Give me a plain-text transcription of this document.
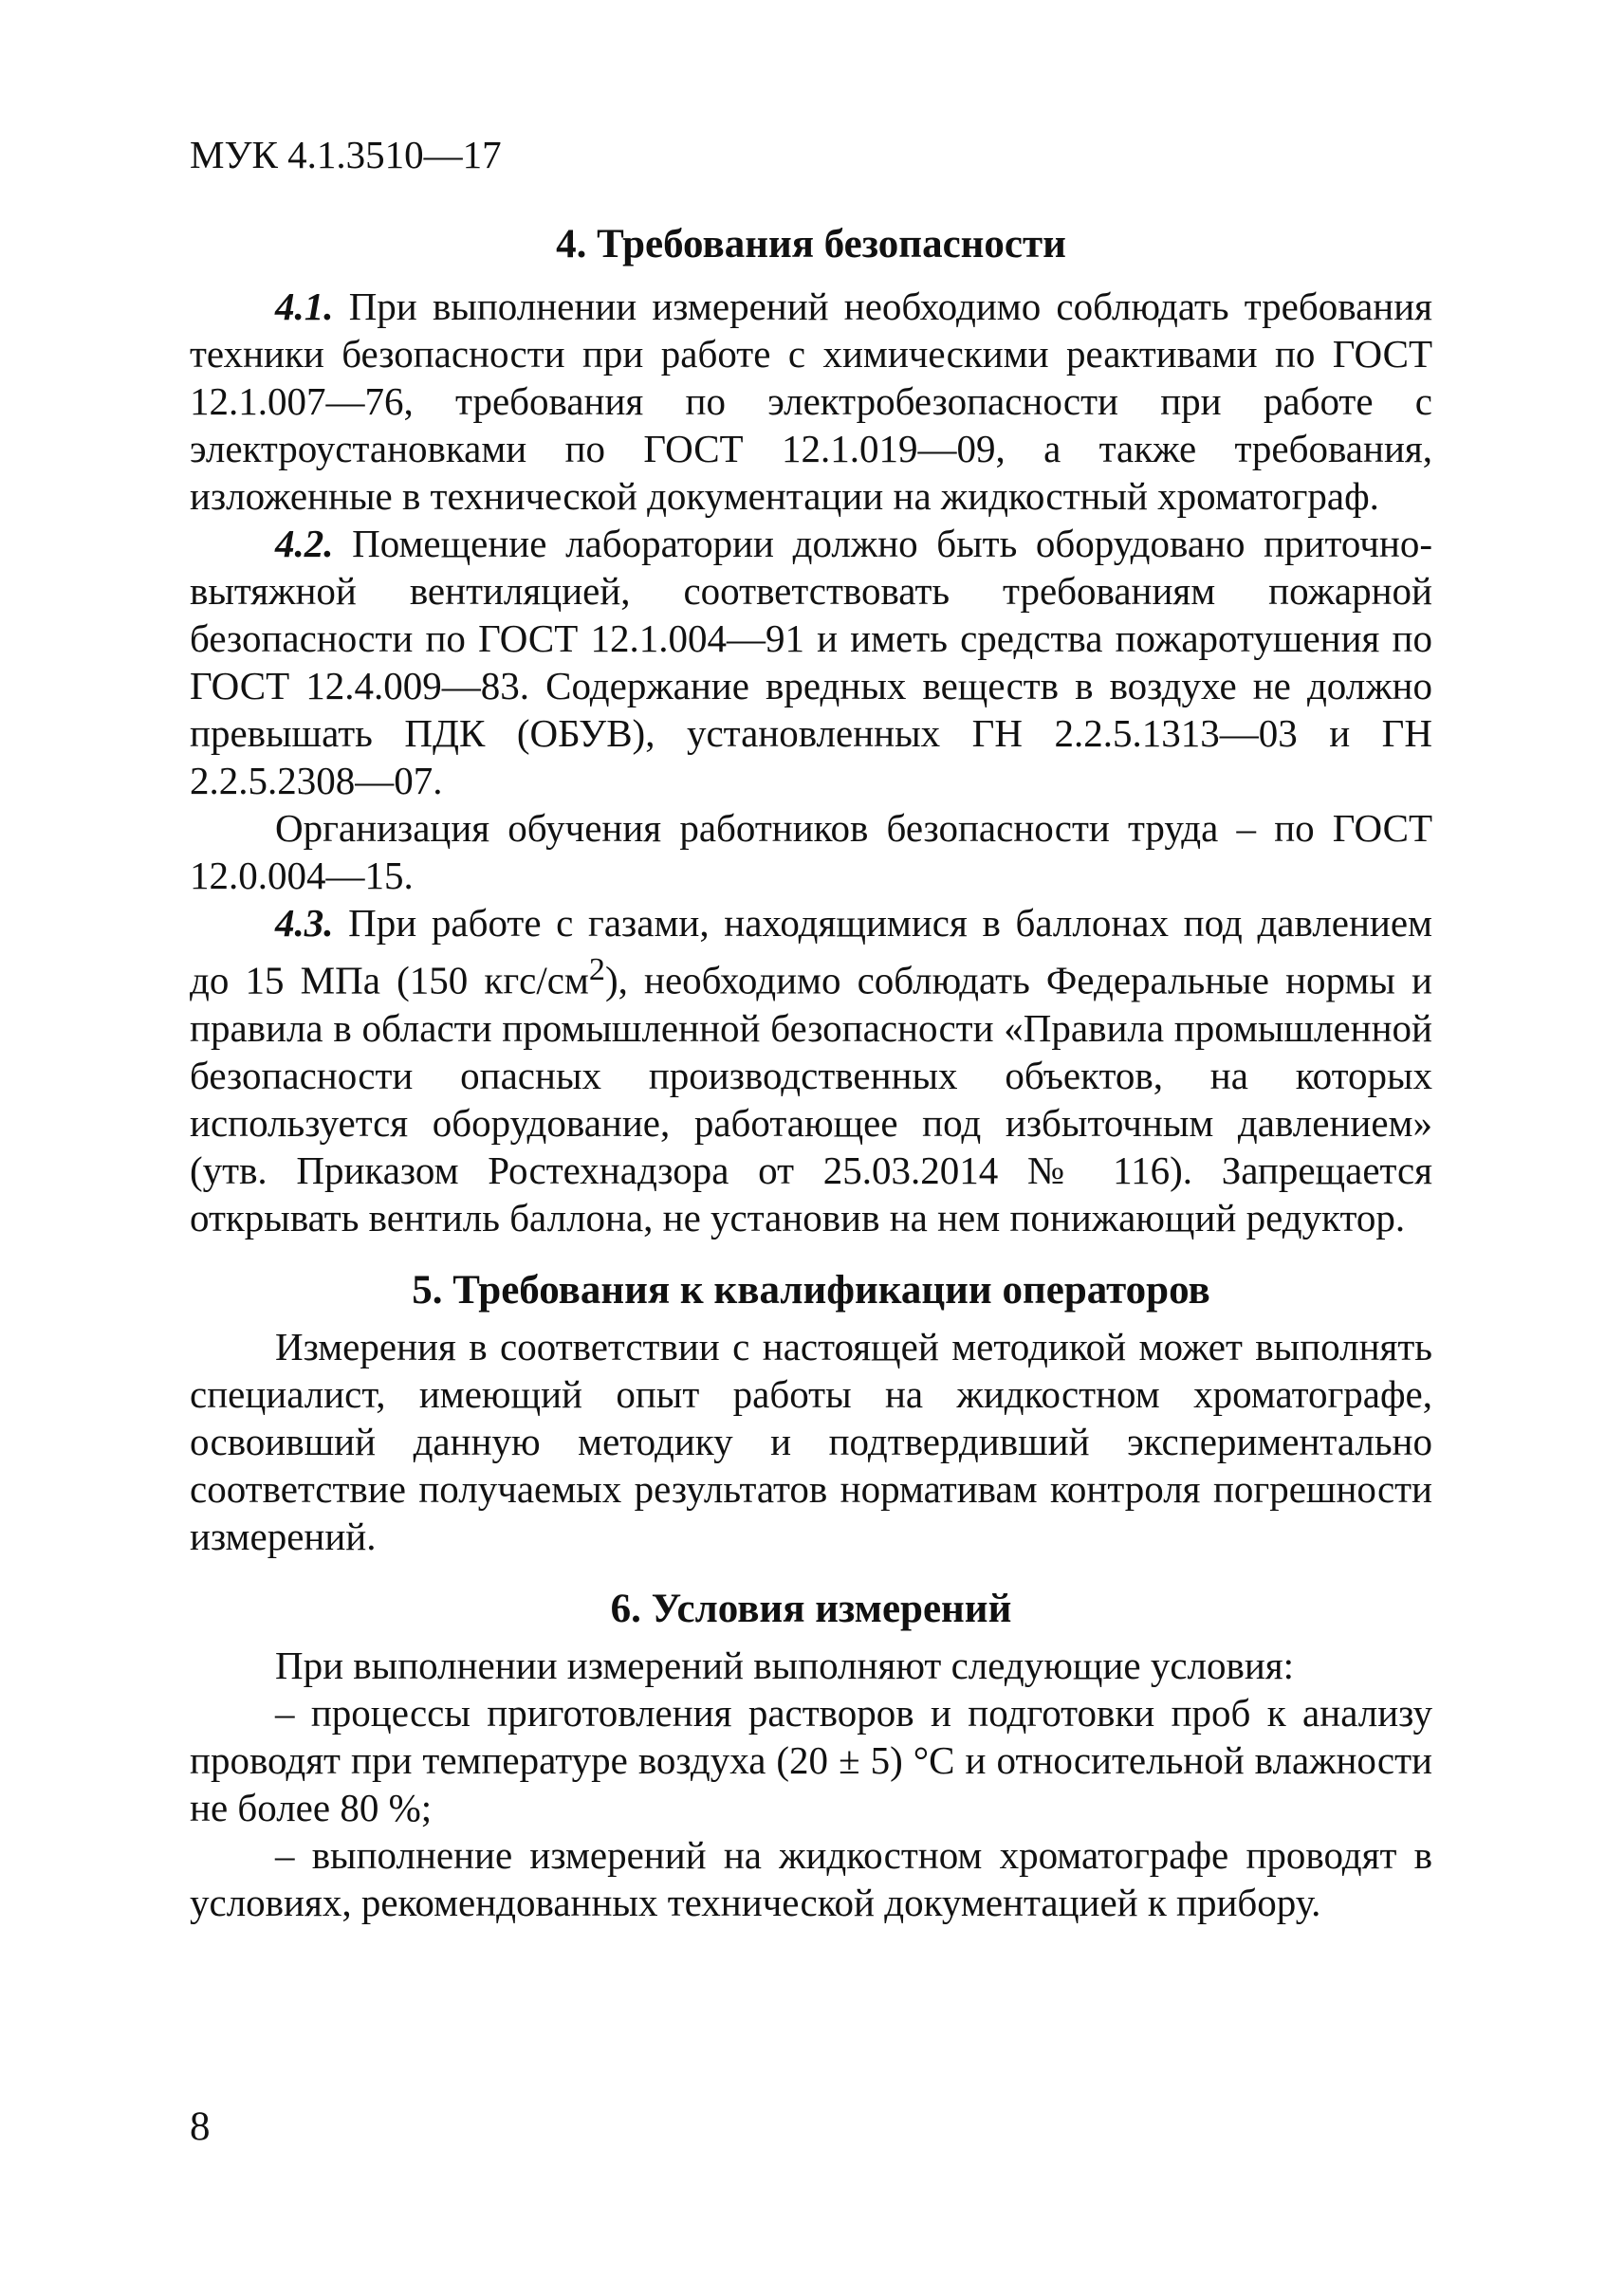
МУК 4.1.3510—17
4. Требования безопасности

4.1. При выполнении измерений необходимо соблюдать требования техники безопасности при работе с химическими реактивами по ГОСТ 12.1.007—76, требования по электробезопасности при работе с электроустановками по ГОСТ 12.1.019—09, а также требования, изложенные в технической документации на жидкостный хроматограф.

4.2. Помещение лаборатории должно быть оборудовано приточно-вытяжной вентиляцией, соответствовать требованиям пожарной безопасности по ГОСТ 12.1.004—91 и иметь средства пожаротушения по ГОСТ 12.4.009—83. Содержание вредных веществ в воздухе не должно превышать ПДК (ОБУВ), установленных ГН 2.2.5.1313—03 и ГН 2.2.5.2308—07.

Организация обучения работников безопасности труда – по ГОСТ 12.0.004—15.

4.3. При работе с газами, находящимися в баллонах под давлением до 15 МПа (150 кгс/$см^2$), необходимо соблюдать Федеральные нормы и правила в области промышленной безопасности «Правила промышленной безопасности опасных производственных объектов, на которых используется оборудование, работающее под избыточным давлением» (утв. Приказом Ростехнадзора от 25.03.2014 № 116). Запрещается открывать вентиль баллона, не установив на нем понижающий редуктор.

5. Требования к квалификации операторов

Измерения в соответствии с настоящей методикой может выполнять специалист, имеющий опыт работы на жидкостном хроматографе, освоивший данную методику и подтвердивший экспериментально соответствие получаемых результатов нормативам контроля погрешности измерений.

6. Условия измерений

При выполнении измерений выполняют следующие условия:

– процессы приготовления растворов и подготовки проб к анализу проводят при температуре воздуха (20 ± 5) °С и относительной влажности не более 80 %;

– выполнение измерений на жидкостном хроматографе проводят в условиях, рекомендованных технической документацией к прибору.

8
